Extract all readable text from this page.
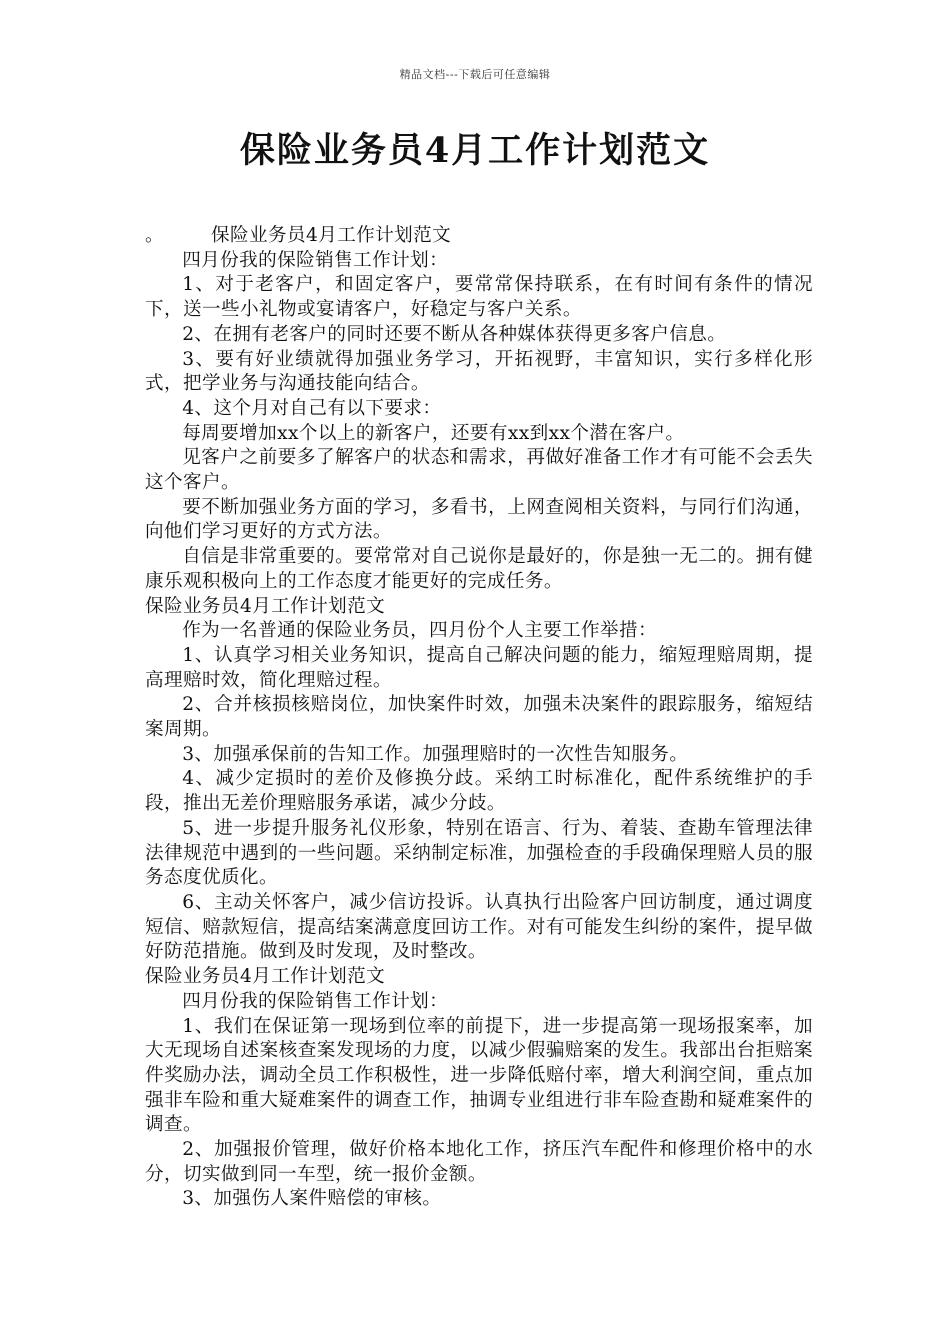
精品文档---下载后可任意编辑
保险业务员4月工作计划范文

。	保险业务员4月工作计划范文

四月份我的保险销售工作计划：

1、对于老客户，和固定客户，要常常保持联系，在有时间有条件的情况下，送一些小礼物或宴请客户，好稳定与客户关系。

2、在拥有老客户的同时还要不断从各种媒体获得更多客户信息。

3、要有好业绩就得加强业务学习，开拓视野，丰富知识，实行多样化形式，把学业务与沟通技能向结合。

4、这个月对自己有以下要求：

每周要增加xx个以上的新客户，还要有xx到xx个潜在客户。

见客户之前要多了解客户的状态和需求，再做好准备工作才有可能不会丢失这个客户。

要不断加强业务方面的学习，多看书，上网查阅相关资料，与同行们沟通，向他们学习更好的方式方法。

自信是非常重要的。要常常对自己说你是最好的，你是独一无二的。拥有健康乐观积极向上的工作态度才能更好的完成任务。

保险业务员4月工作计划范文

作为一名普通的保险业务员，四月份个人主要工作举措：

1、认真学习相关业务知识，提高自己解决问题的能力，缩短理赔周期，提高理赔时效，简化理赔过程。

2、合并核损核赔岗位，加快案件时效，加强未决案件的跟踪服务，缩短结案周期。

3、加强承保前的告知工作。加强理赔时的一次性告知服务。

4、减少定损时的差价及修换分歧。采纳工时标准化，配件系统维护的手段，推出无差价理赔服务承诺，减少分歧。

5、进一步提升服务礼仪形象，特别在语言、行为、着装、查勘车管理法律法律规范中遇到的一些问题。采纳制定标准，加强检查的手段确保理赔人员的服务态度优质化。

6、主动关怀客户，减少信访投诉。认真执行出险客户回访制度，通过调度短信、赔款短信，提高结案满意度回访工作。对有可能发生纠纷的案件，提早做好防范措施。做到及时发现，及时整改。

保险业务员4月工作计划范文

四月份我的保险销售工作计划：

1、我们在保证第一现场到位率的前提下，进一步提高第一现场报案率，加大无现场自述案核查案发现场的力度，以减少假骗赔案的发生。我部出台拒赔案件奖励办法，调动全员工作积极性，进一步降低赔付率，增大利润空间，重点加强非车险和重大疑难案件的调查工作，抽调专业组进行非车险查勘和疑难案件的调查。

2、加强报价管理，做好价格本地化工作，挤压汽车配件和修理价格中的水分，切实做到同一车型，统一报价金额。

3、加强伤人案件赔偿的审核。
